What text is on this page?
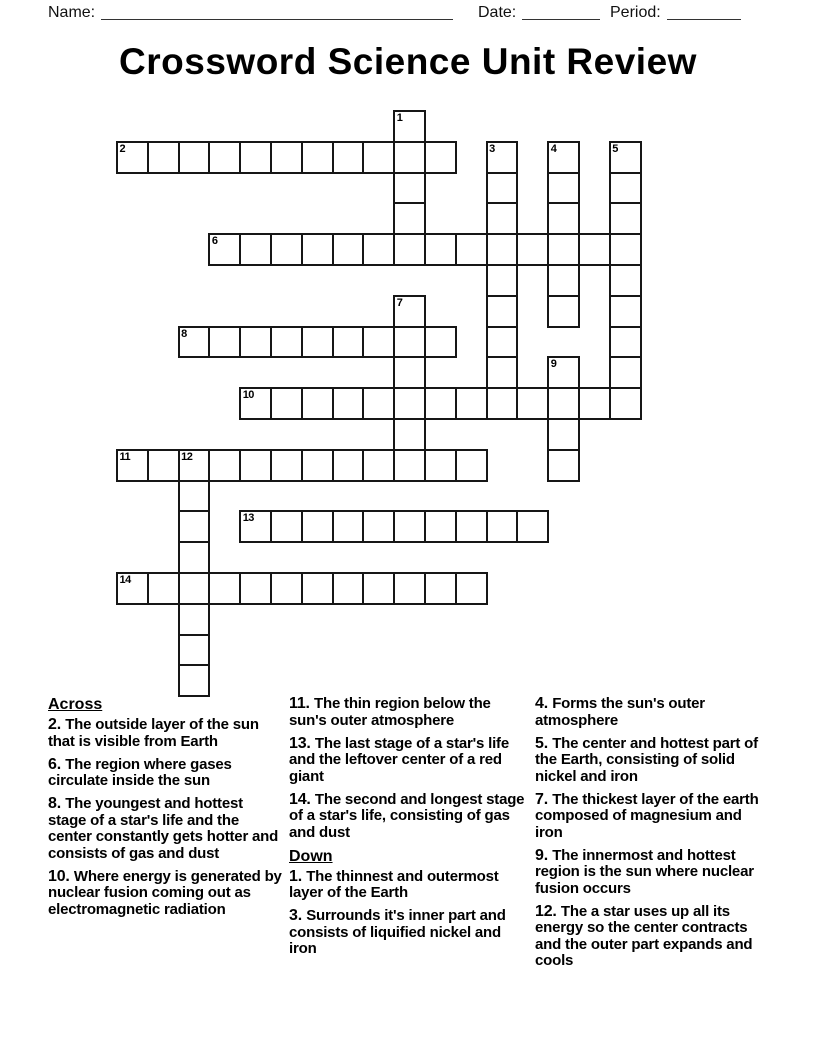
Name:	Date:	Period:
Crossword Science Unit Review
1
2	3	4	5
6
7
8
9
10
11	12
13
14
Across
2. The outside layer of the sun that is visible from Earth
6. The region where gases circulate inside the sun
8. The youngest and hottest stage of a star's life and the center constantly gets hotter and consists of gas and dust
10. Where energy is generated by nuclear fusion coming out as electromagnetic radiation
11. The thin region below the sun's outer atmosphere
13. The last stage of a star's life and the leftover center of a red giant
14. The second and longest stage of a star's life, consisting of gas and dust
Down
1. The thinnest and outermost layer of the Earth
3. Surrounds it's inner part and consists of liquified nickel and iron
4. Forms the sun's outer atmosphere
5. The center and hottest part of the Earth, consisting of solid nickel and iron
7. The thickest layer of the earth composed of magnesium and iron
9. The innermost and hottest region is the sun where nuclear fusion occurs
12. The a star uses up all its energy so the center contracts and the outer part expands and cools
